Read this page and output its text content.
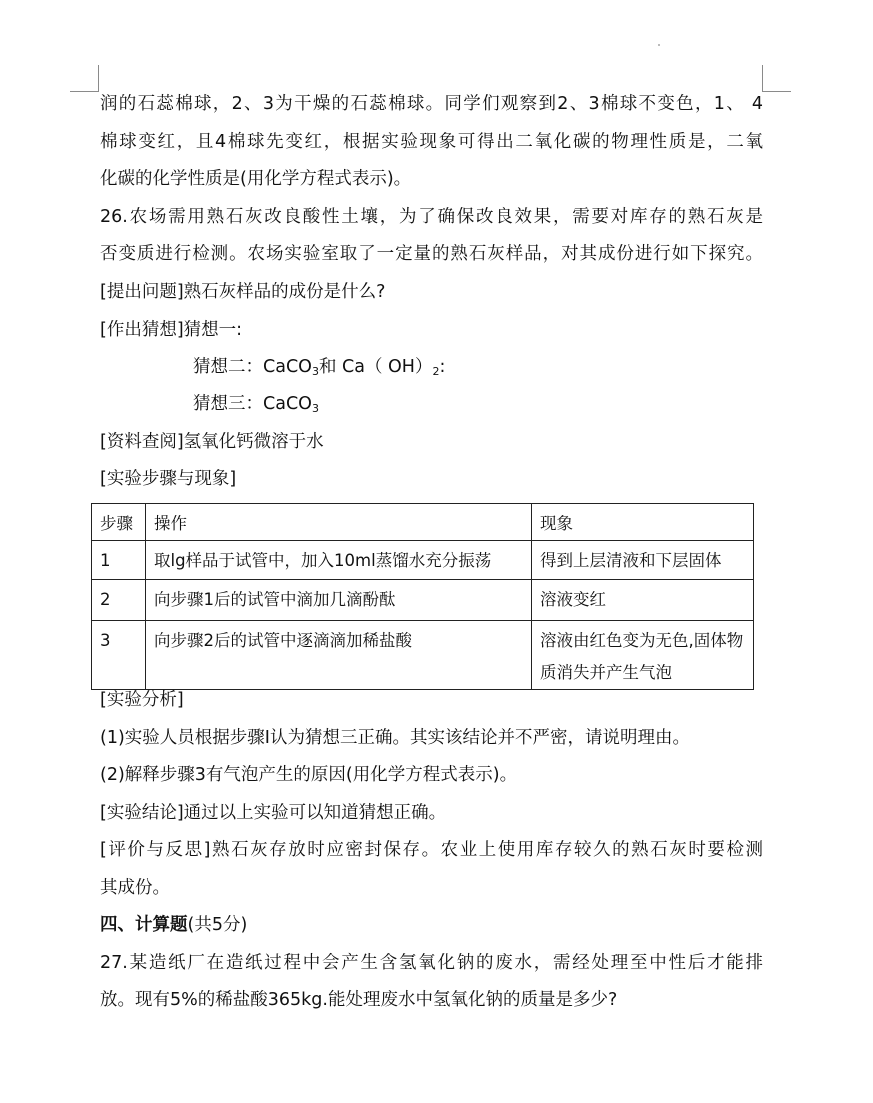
润的石蕊棉球，2、3为干燥的石蕊棉球。同学们观察到2、3棉球不变色，1、 4
棉球变红，且4棉球先变红，根据实验现象可得出二氧化碳的物理性质是，二氧
化碳的化学性质是(用化学方程式表示)。
26.农场需用熟石灰改良酸性土壤，为了确保改良效果，需要对库存的熟石灰是
否变质进行检测。农场实验室取了一定量的熟石灰样品，对其成份进行如下探究。
[提出问题]熟石灰样品的成份是什么?
[作出猜想]猜想一:
猜想二：CaCO$_3$和 Ca（ $OH)_2$:
猜想三：CaCO$_3$
[资料查阅]氢氧化钙微溶于水
[实验步骤与现象]
步骤	操作	现象
1	取lg样品于试管中，加入10ml蒸馏水充分振荡	得到上层清液和下层固体
2	向步骤1后的试管中滴加几滴酚酞	溶液变红
3	向步骤2后的试管中逐滴滴加稀盐酸	溶液由红色变为无色,固体物质消失并产生气泡
[实验分析]
(1)实验人员根据步骤Ⅰ认为猜想三正确。其实该结论并不严密，请说明理由。
(2)解释步骤3有气泡产生的原因(用化学方程式表示)。
[实验结论]通过以上实验可以知道猜想正确。
[评价与反思]熟石灰存放时应密封保存。农业上使用库存较久的熟石灰时要检测
其成份。
四、计算题(共5分)
27.某造纸厂在造纸过程中会产生含氢氧化钠的废水，需经处理至中性后才能排
放。现有5%的稀盐酸365kg.能处理废水中氢氧化钠的质量是多少?
